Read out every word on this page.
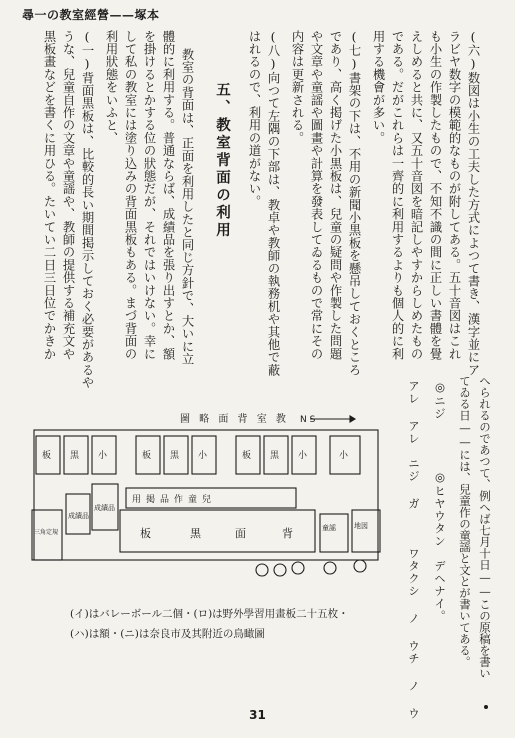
尋一の教室經營——塚本
(六)数図は小生の工夫した方式によつて書き、漢字並にア
ラビヤ数字の模範的なものが附してある。五十音図はこれ
も小生の作製したもので、不知不識の間に正しい書體を覺
えしめると共に、又五十音図を暗記しやすからしめたもの
である。だがこれらは一齊的に利用するよりも個人的に利
用する機會が多い。
(七)書架の下は、不用の新聞小黒板を懸吊しておくところ
であり、高く掲げた小黒板は、兒童の疑問や作製した問題
や文章や童謡や圖畫や計算を發表してゐるもので常にその
内容は更新される。
(八)向つて左隅の下部は、教卓や教師の執務机や其他で蔽
はれるので、利用の道がない。
五、教室背面の利用
教室の背面は、正面を利用したと同じ方針で、大いに立
體的に利用する。普通ならば、成績品を張り出すとか、額
を掛けるとかする位の狀態だが、それではいけない。幸に
して私の教室には塗り込みの背面黒板もある。まづ背面の
利用狀態をいふと、
(一)背面黒板は、比較的長い期間掲示しておく必要があるや
うな、兒童自作の文章や童謡や、教師の提供する補充文や
黒板畫などを書くに用ひる。たいてい二日三日位でかきか
へられるのであつて、例へば七月十日——この原稿を書い
てゐる日——には、兒童作の童謡と文とが書いてある。
◎ニジ　　　　◎ヒヤウタン　デヘナイ。
アレ アレ　ニジ ガ　　　ワタクシ ノ ウチ ノ ウ
圖 略 面 背 室 教 N S
板 黒 小	板 黒 小	板 黒 小	小
用掲品作童兒
成績品
成績品
三角定規	板	黒	面	背	童謡	地図
(イ)はバレーボール二個・(ロ)は野外學習用畫板二十五枚・
(ハ)は額・(ニ)は奈良市及其附近の鳥瞰圖
31
